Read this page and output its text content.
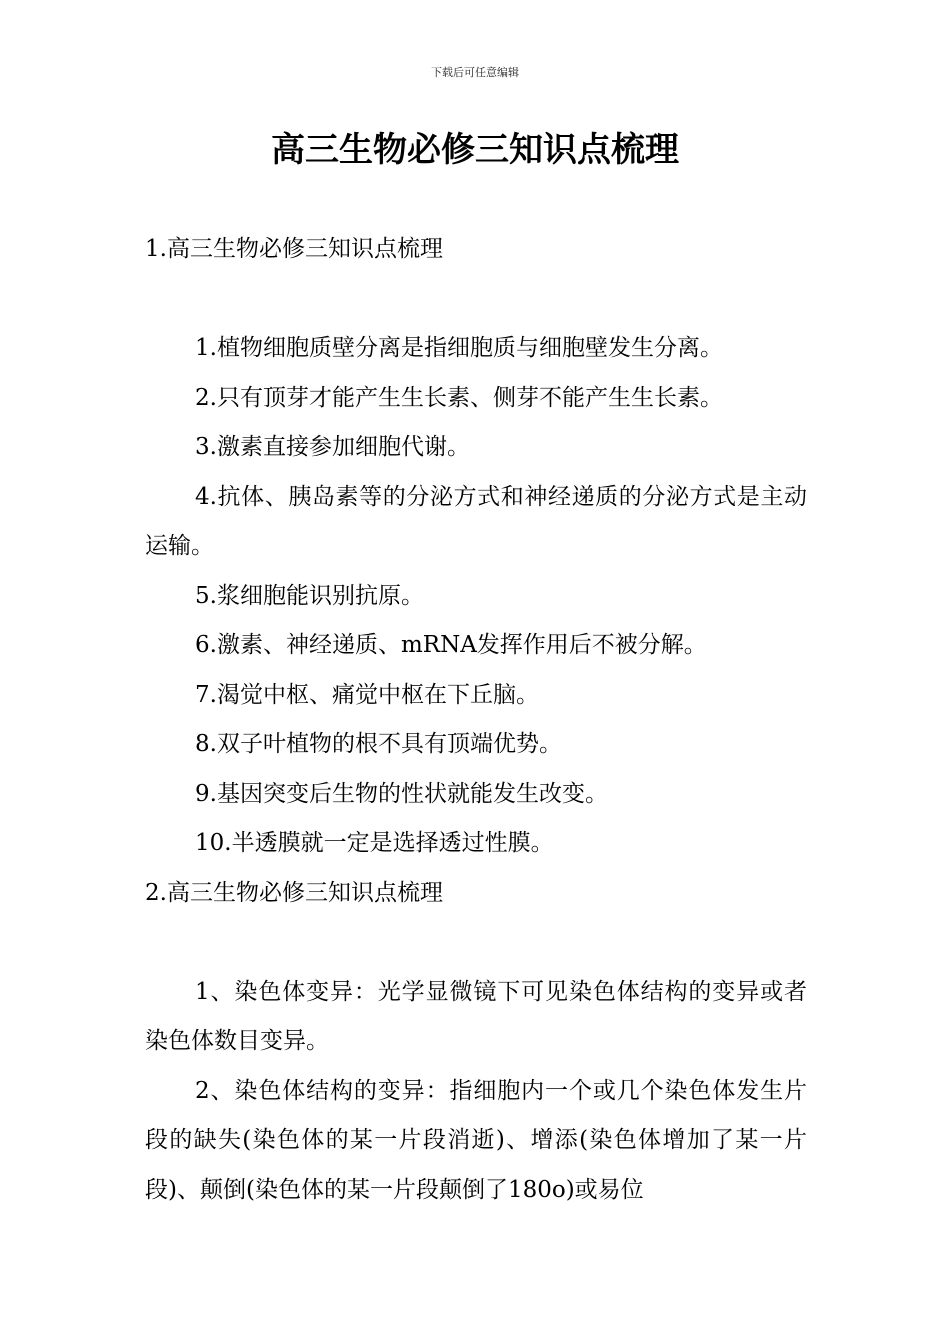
下载后可任意编辑
高三生物必修三知识点梳理

1.高三生物必修三知识点梳理

1.植物细胞质壁分离是指细胞质与细胞壁发生分离。

2.只有顶芽才能产生生长素、侧芽不能产生生长素。

3.激素直接参加细胞代谢。

4.抗体、胰岛素等的分泌方式和神经递质的分泌方式是主动运输。

5.浆细胞能识别抗原。

6.激素、神经递质、mRNA发挥作用后不被分解。

7.渴觉中枢、痛觉中枢在下丘脑。

8.双子叶植物的根不具有顶端优势。

9.基因突变后生物的性状就能发生改变。

10.半透膜就一定是选择透过性膜。

2.高三生物必修三知识点梳理

1、染色体变异：光学显微镜下可见染色体结构的变异或者染色体数目变异。

2、染色体结构的变异：指细胞内一个或几个染色体发生片段的缺失(染色体的某一片段消逝)、增添(染色体增加了某一片段)、颠倒(染色体的某一片段颠倒了180o)或易位
